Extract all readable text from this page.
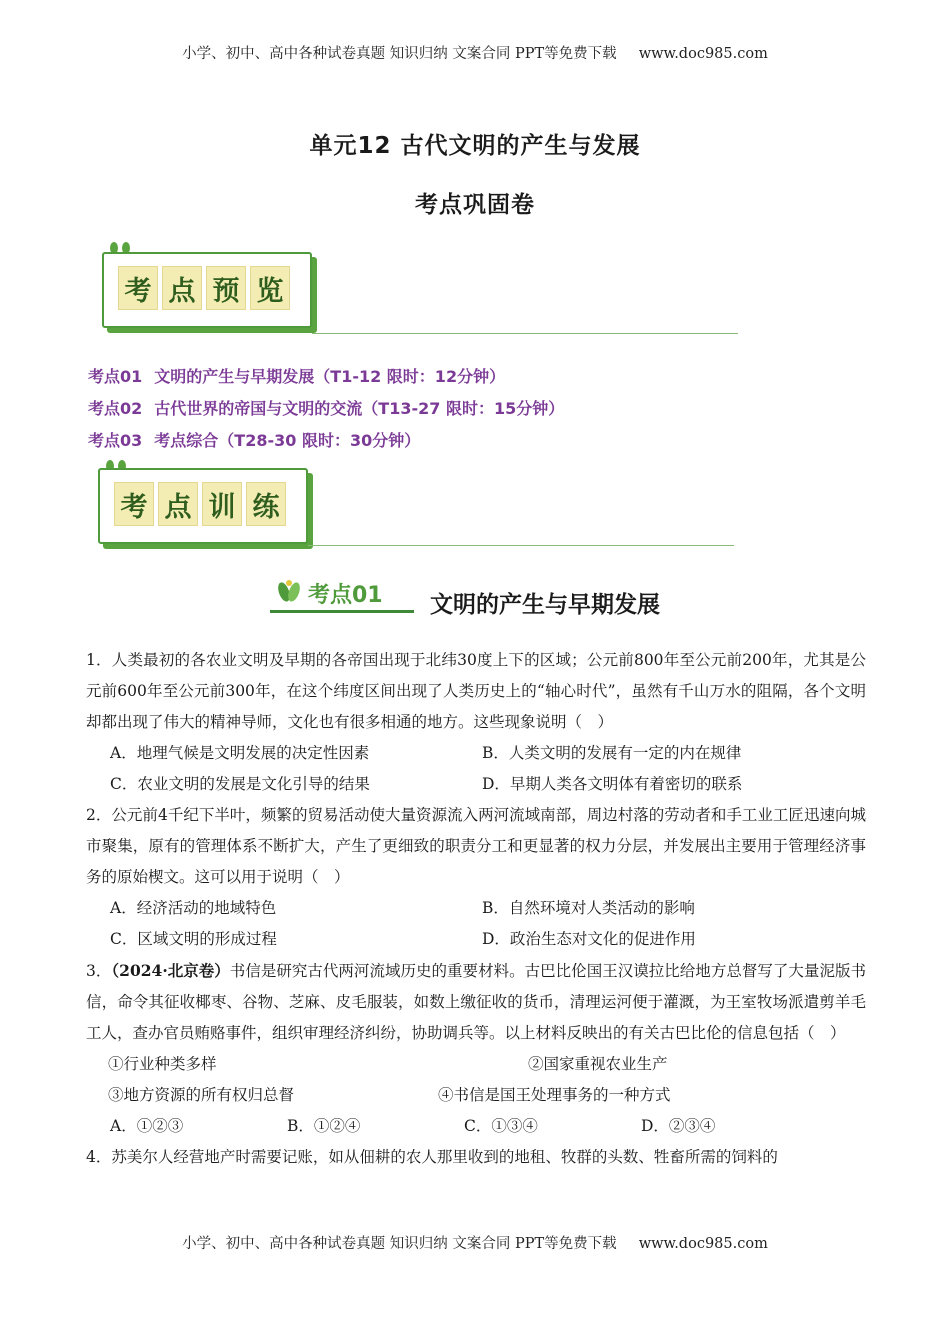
小学、初中、高中各种试卷真题 知识归纳 文案合同 PPT等免费下载 www.doc985.com
单元12 古代文明的产生与发展
考点巩固卷
考 点 预 览
考点01 文明的产生与早期发展（T1-12 限时：12分钟）
考点02 古代世界的帝国与文明的交流（T13-27 限时：15分钟）
考点03 考点综合（T28-30 限时：30分钟）
考 点 训 练
考点01 文明的产生与早期发展
1．人类最初的各农业文明及早期的各帝国出现于北纬30度上下的区域；公元前800年至公元前200年，尤其是公元前600年至公元前300年，在这个纬度区间出现了人类历史上的“轴心时代”，虽然有千山万水的阻隔，各个文明却都出现了伟大的精神导师，文化也有很多相通的地方。这些现象说明（　）
A．地理气候是文明发展的决定性因素	B．人类文明的发展有一定的内在规律
C．农业文明的发展是文化引导的结果	D．早期人类各文明体有着密切的联系
2．公元前4千纪下半叶，频繁的贸易活动使大量资源流入两河流域南部，周边村落的劳动者和手工业工匠迅速向城市聚集，原有的管理体系不断扩大，产生了更细致的职责分工和更显著的权力分层，并发展出主要用于管理经济事务的原始楔文。这可以用于说明（　）
A．经济活动的地域特色	B．自然环境对人类活动的影响
C．区域文明的形成过程	D．政治生态对文化的促进作用
3．（2024·北京卷）书信是研究古代两河流域历史的重要材料。古巴比伦国王汉谟拉比给地方总督写了大量泥版书信，命令其征收椰枣、谷物、芝麻、皮毛服装，如数上缴征收的货币，清理运河便于灌溉，为王室牧场派遣剪羊毛工人，查办官员贿赂事件，组织审理经济纠纷，协助调兵等。以上材料反映出的有关古巴比伦的信息包括（　）
①行业种类多样	②国家重视农业生产
③地方资源的所有权归总督	④书信是国王处理事务的一种方式
A．①②③	B．①②④	C．①③④	D．②③④
4．苏美尔人经营地产时需要记账，如从佃耕的农人那里收到的地租、牧群的头数、牲畜所需的饲料的
小学、初中、高中各种试卷真题 知识归纳 文案合同 PPT等免费下载 www.doc985.com
